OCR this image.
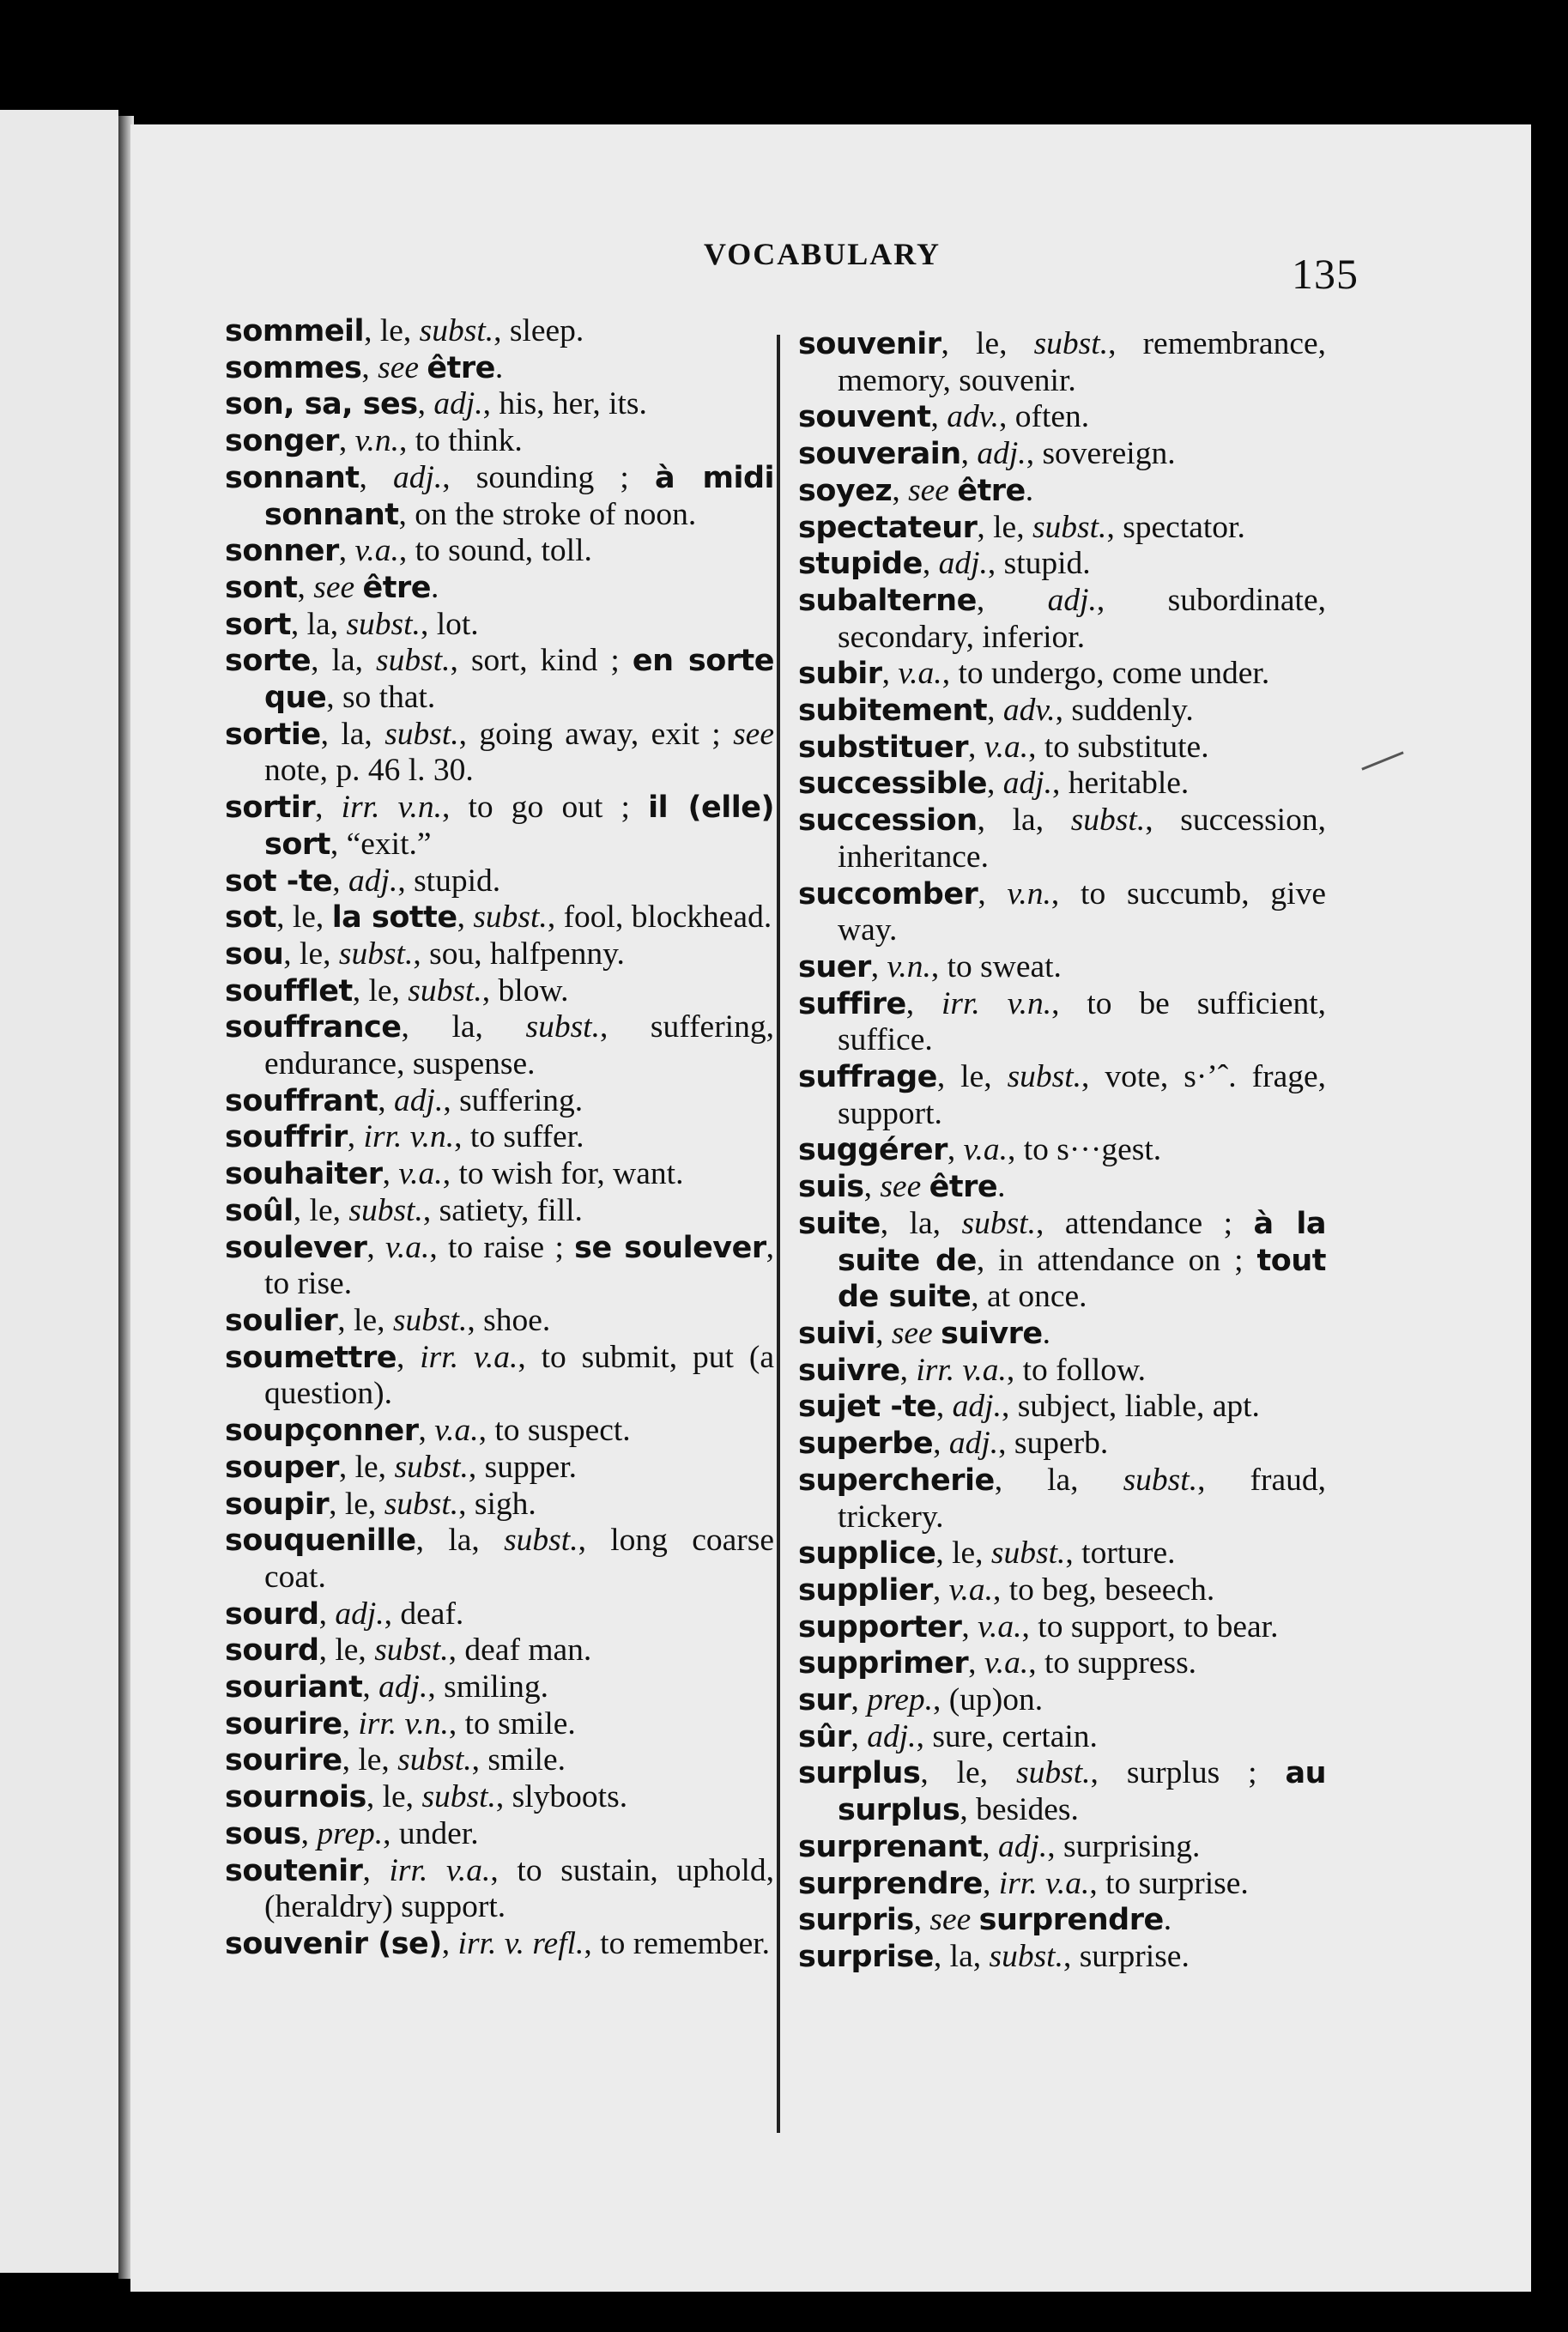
VOCABULARY	135
sommeil, le, subst., sleep.
sommes, see être.
son, sa, ses, adj., his, her, its.
songer, v.n., to think.
sonnant, adj., sounding ; à midi sonnant, on the stroke of noon.
sonner, v.a., to sound, toll.
sont, see être.
sort, la, subst., lot.
sorte, la, subst., sort, kind ; en sorte que, so that.
sortie, la, subst., going away, exit ; see note, p. 46 l. 30.
sortir, irr. v.n., to go out ; il (elle) sort, “exit.”
sot -te, adj., stupid.
sot, le, la sotte, subst., fool, blockhead.
sou, le, subst., sou, halfpenny.
soufflet, le, subst., blow.
souffrance, la, subst., suffering, endurance, suspense.
souffrant, adj., suffering.
souffrir, irr. v.n., to suffer.
souhaiter, v.a., to wish for, want.
soûl, le, subst., satiety, fill.
soulever, v.a., to raise ; se soulever, to rise.
soulier, le, subst., shoe.
soumettre, irr. v.a., to submit, put (a question).
soupçonner, v.a., to suspect.
souper, le, subst., supper.
soupir, le, subst., sigh.
souquenille, la, subst., long coarse coat.
sourd, adj., deaf.
sourd, le, subst., deaf man.
souriant, adj., smiling.
sourire, irr. v.n., to smile.
sourire, le, subst., smile.
sournois, le, subst., slyboots.
sous, prep., under.
soutenir, irr. v.a., to sustain, uphold, (heraldry) support.
souvenir (se), irr. v. refl., to remember.
souvenir, le, subst., remembrance, memory, souvenir.
souvent, adv., often.
souverain, adj., sovereign.
soyez, see être.
spectateur, le, subst., spectator.
stupide, adj., stupid.
subalterne, adj., subordinate, secondary, inferior.
subir, v.a., to undergo, come under.
subitement, adv., suddenly.
substituer, v.a., to substitute.
successible, adj., heritable.
succession, la, subst., succession, inheritance.
succomber, v.n., to succumb, give way.
suer, v.n., to sweat.
suffire, irr. v.n., to be sufficient, suffice.
suffrage, le, subst., vote, s·’ˆ. frage, support.
suggérer, v.a., to s···gest.
suis, see être.
suite, la, subst., attendance ; à la suite de, in attendance on ; tout de suite, at once.
suivi, see suivre.
suivre, irr. v.a., to follow.
sujet -te, adj., subject, liable, apt.
superbe, adj., superb.
supercherie, la, subst., fraud, trickery.
supplice, le, subst., torture.
supplier, v.a., to beg, beseech.
supporter, v.a., to support, to bear.
supprimer, v.a., to suppress.
sur, prep., (up)on.
sûr, adj., sure, certain.
surplus, le, subst., surplus ; au surplus, besides.
surprenant, adj., surprising.
surprendre, irr. v.a., to surprise.
surpris, see surprendre.
surprise, la, subst., surprise.
